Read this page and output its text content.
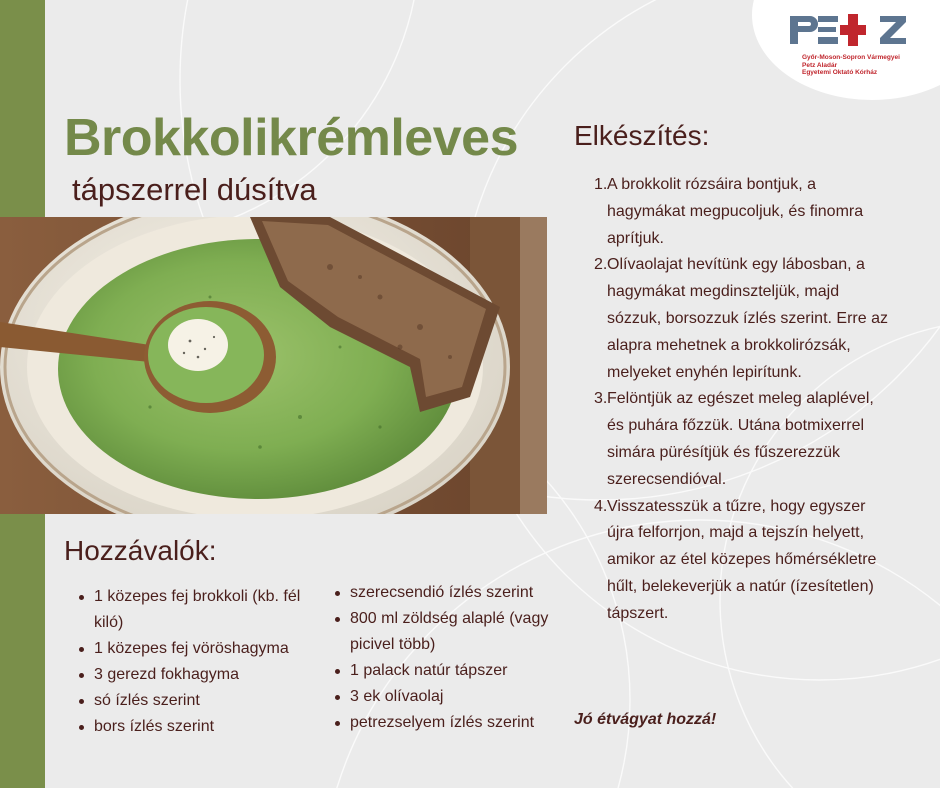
Győr-Moson-Sopron Vármegyei
Petz Aladár
Egyetemi Oktató Kórház
Brokkolikrémleves
tápszerrel dúsítva
Hozzávalók:
1 közepes fej brokkoli (kb. fél kiló)
1 közepes fej vöröshagyma
3 gerezd fokhagyma
só ízlés szerint
bors ízlés szerint
szerecsendió ízlés szerint
800 ml zöldség alaplé (vagy picivel több)
1 palack natúr tápszer
3 ek olívaolaj
petrezselyem ízlés szerint
Elkészítés:
1. A brokkolit rózsáira bontjuk, a hagymákat megpucoljuk, és finomra aprítjuk.
2. Olívaolajat hevítünk egy lábosban, a hagymákat megdinszteljük, majd sózzuk, borsozzuk ízlés szerint. Erre az alapra mehetnek a brokkolirózsák, melyeket enyhén lepirítunk.
3. Felöntjük az egészet meleg alaplével, és puhára főzzük. Utána botmixerrel simára pürésítjük és fűszerezzük szerecsendióval.
4. Visszatesszük a tűzre, hogy egyszer újra felforrjon, majd a tejszín helyett, amikor az étel közepes hőmérsékletre hűlt, belekeverjük a natúr (ízesítetlen) tápszert.
Jó étvágyat hozzá!
